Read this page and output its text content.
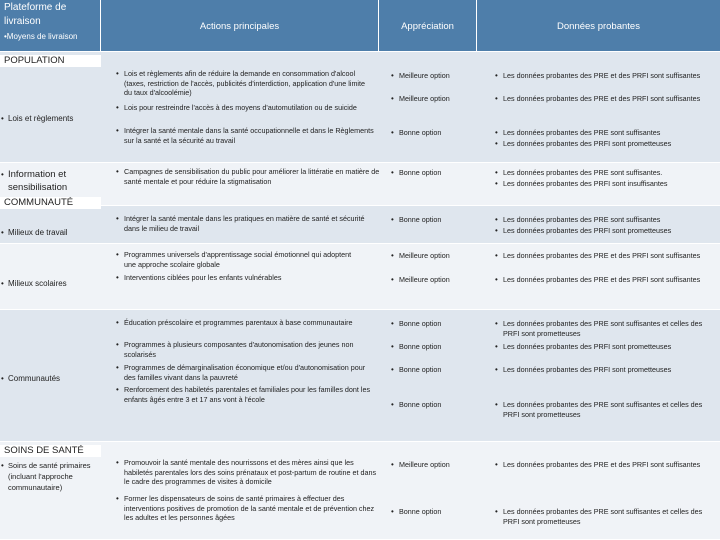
Plateforme de livraison
•Moyens de livraison
Actions principales	Appréciation	Données probantes
POPULATION
COMMUNAUTÉ
SOINS DE SANTÉ
• Lois et règlements
• Information et sensibilisation
• Milieux de travail
• Milieux scolaires
• Communautés
• Soins de santé primaires (incluant l'approche communautaire)
• Lois et règlements afin de réduire la demande en consommation d'alcool (taxes, restriction de l'accès, publicités d'interdiction, application d'une limite du taux d'alcoolémie)
• Lois pour restreindre l'accès à des moyens d'automutilation ou de suicide
• Intégrer la santé mentale dans la santé occupationnelle et dans le Règlements sur la santé et la sécurité au travail
• Campagnes de sensibilisation du public pour améliorer la littératie en matière de santé mentale et pour réduire la stigmatisation
• Intégrer la santé mentale dans les pratiques en matière de santé et sécurité dans le milieu de travail
• Programmes universels d'apprentissage social émotionnel qui adoptent une approche scolaire globale
• Interventions ciblées pour les enfants vulnérables
• Éducation préscolaire et programmes parentaux à base communautaire
• Programmes à plusieurs composantes d'autonomisation des jeunes non scolarisés
• Programmes de démarginalisation économique et/ou d'autonomisation pour des familles vivant dans la pauvreté
• Renforcement des habiletés parentales et familiales pour les familles dont les enfants âgés entre 3 et 17 ans vont à l'école
• Promouvoir la santé mentale des nourrissons et des mères ainsi que les habiletés parentales lors des soins prénataux et post-partum de routine et dans le cadre des programmes de visites à domicile
• Former les dispensateurs de soins de santé primaires à effectuer des interventions positives de promotion de la santé mentale et de prévention chez les adultes et les personnes âgées
• Meilleure option
• Meilleure option
• Bonne option
• Bonne option
• Bonne option
• Meilleure option
• Meilleure option
• Bonne option
• Bonne option
• Bonne option
• Bonne option
• Meilleure option
• Bonne option
• Les données probantes des PRE et des PRFI sont suffisantes
• Les données probantes des PRE et des PRFI sont suffisantes
• Les données probantes des PRE sont suffisantes
• Les données probantes des PRFI sont prometteuses
• Les données probantes des PRE sont suffisantes.
• Les données probantes des PRFI sont insuffisantes
• Les données probantes des PRE sont suffisantes
• Les données probantes des PRFI sont prometteuses
• Les données probantes des PRE et des PRFI sont suffisantes
• Les données probantes des PRE et des PRFI sont suffisantes
• Les données probantes des PRE sont suffisantes et celles des PRFI sont prometteuses
• Les données probantes des PRFI sont prometteuses
• Les données probantes des PRFI sont prometteuses
• Les données probantes des PRE sont suffisantes et celles des PRFI sont prometteuses
• Les données probantes des PRE et des PRFI sont suffisantes
• Les données probantes des PRE sont suffisantes et celles des PRFI sont prometteuses
